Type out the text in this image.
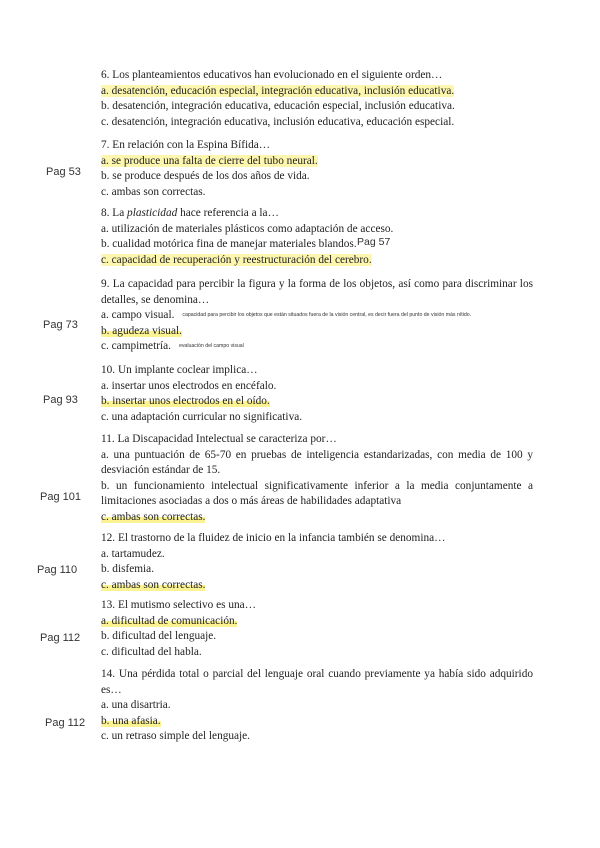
6. Los planteamientos educativos han evolucionado en el siguiente orden…
a. desatención, educación especial, integración educativa, inclusión educativa.
b. desatención, integración educativa, educación especial, inclusión educativa.
c. desatención, integración educativa, inclusión educativa, educación especial.
7. En relación con la Espina Bífida…
a. se produce una falta de cierre del tubo neural.
b. se produce después de los dos años de vida.
c. ambas son correctas.
Pag 53
8. La plasticidad hace referencia a la…
a. utilización de materiales plásticos como adaptación de acceso.
b. cualidad motórica fina de manejar materiales blandos.
c. capacidad de recuperación y reestructuración del cerebro.
Pag 57
9. La capacidad para percibir la figura y la forma de los objetos, así como para discriminar los detalles, se denomina…
a. campo visual. capacidad para percibir los objetos que están situados fuera de la visión central, es decir fuera del punto de visión más nítido.
b. agudeza visual.
c. campimetría. evaluación del campo visual
Pag 73
10. Un implante coclear implica…
a. insertar unos electrodos en encéfalo.
b. insertar unos electrodos en el oído.
c. una adaptación curricular no significativa.
Pag 93
11. La Discapacidad Intelectual se caracteriza por…
a. una puntuación de 65-70 en pruebas de inteligencia estandarizadas, con media de 100 y desviación estándar de 15.
b. un funcionamiento intelectual significativamente inferior a la media conjuntamente a limitaciones asociadas a dos o más áreas de habilidades adaptativa
c. ambas son correctas.
Pag 101
12. El trastorno de la fluidez de inicio en la infancia también se denomina…
a. tartamudez.
b. disfemia.
c. ambas son correctas.
Pag 110
13. El mutismo selectivo es una…
a. dificultad de comunicación.
b. dificultad del lenguaje.
c. dificultad del habla.
Pag 112
14. Una pérdida total o parcial del lenguaje oral cuando previamente ya había sido adquirido es…
a. una disartria.
b. una afasia.
c. un retraso simple del lenguaje.
Pag 112
